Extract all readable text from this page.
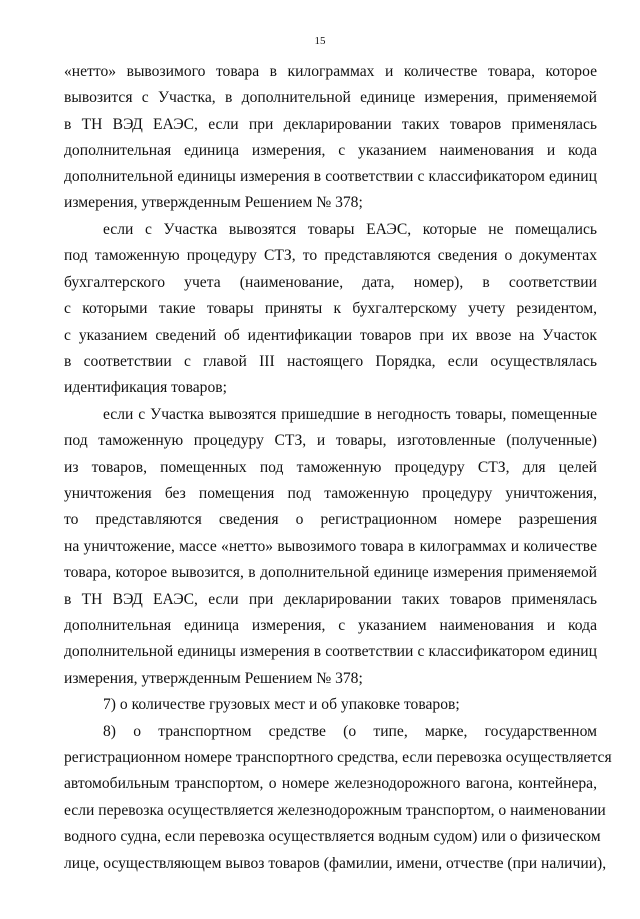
15
«нетто» вывозимого товара в килограммах и количестве товара, которое
вывозится с Участка, в дополнительной единице измерения, применяемой
в ТН ВЭД ЕАЭС, если при декларировании таких товаров применялась
дополнительная единица измерения, с указанием наименования и кода
дополнительной единицы измерения в соответствии с классификатором единиц
измерения, утвержденным Решением № 378;
если с Участка вывозятся товары ЕАЭС, которые не помещались
под таможенную процедуру СТЗ, то представляются сведения о документах
бухгалтерского учета (наименование, дата, номер), в соответствии
с которыми такие товары приняты к бухгалтерскому учету резидентом,
с указанием сведений об идентификации товаров при их ввозе на Участок
в соответствии с главой III настоящего Порядка, если осуществлялась
идентификация товаров;
если с Участка вывозятся пришедшие в негодность товары, помещенные
под таможенную процедуру СТЗ, и товары, изготовленные (полученные)
из товаров, помещенных под таможенную процедуру СТЗ, для целей
уничтожения без помещения под таможенную процедуру уничтожения,
то представляются сведения о регистрационном номере разрешения
на уничтожение, массе «нетто» вывозимого товара в килограммах и количестве
товара, которое вывозится, в дополнительной единице измерения применяемой
в ТН ВЭД ЕАЭС, если при декларировании таких товаров применялась
дополнительная единица измерения, с указанием наименования и кода
дополнительной единицы измерения в соответствии с классификатором единиц
измерения, утвержденным Решением № 378;
7) о количестве грузовых мест и об упаковке товаров;
8) о транспортном средстве (о типе, марке, государственном
регистрационном номере транспортного средства, если перевозка осуществляется
автомобильным транспортом, о номере железнодорожного вагона, контейнера,
если перевозка осуществляется железнодорожным транспортом, о наименовании
водного судна, если перевозка осуществляется водным судом) или о физическом
лице, осуществляющем вывоз товаров (фамилии, имени, отчестве (при наличии),
